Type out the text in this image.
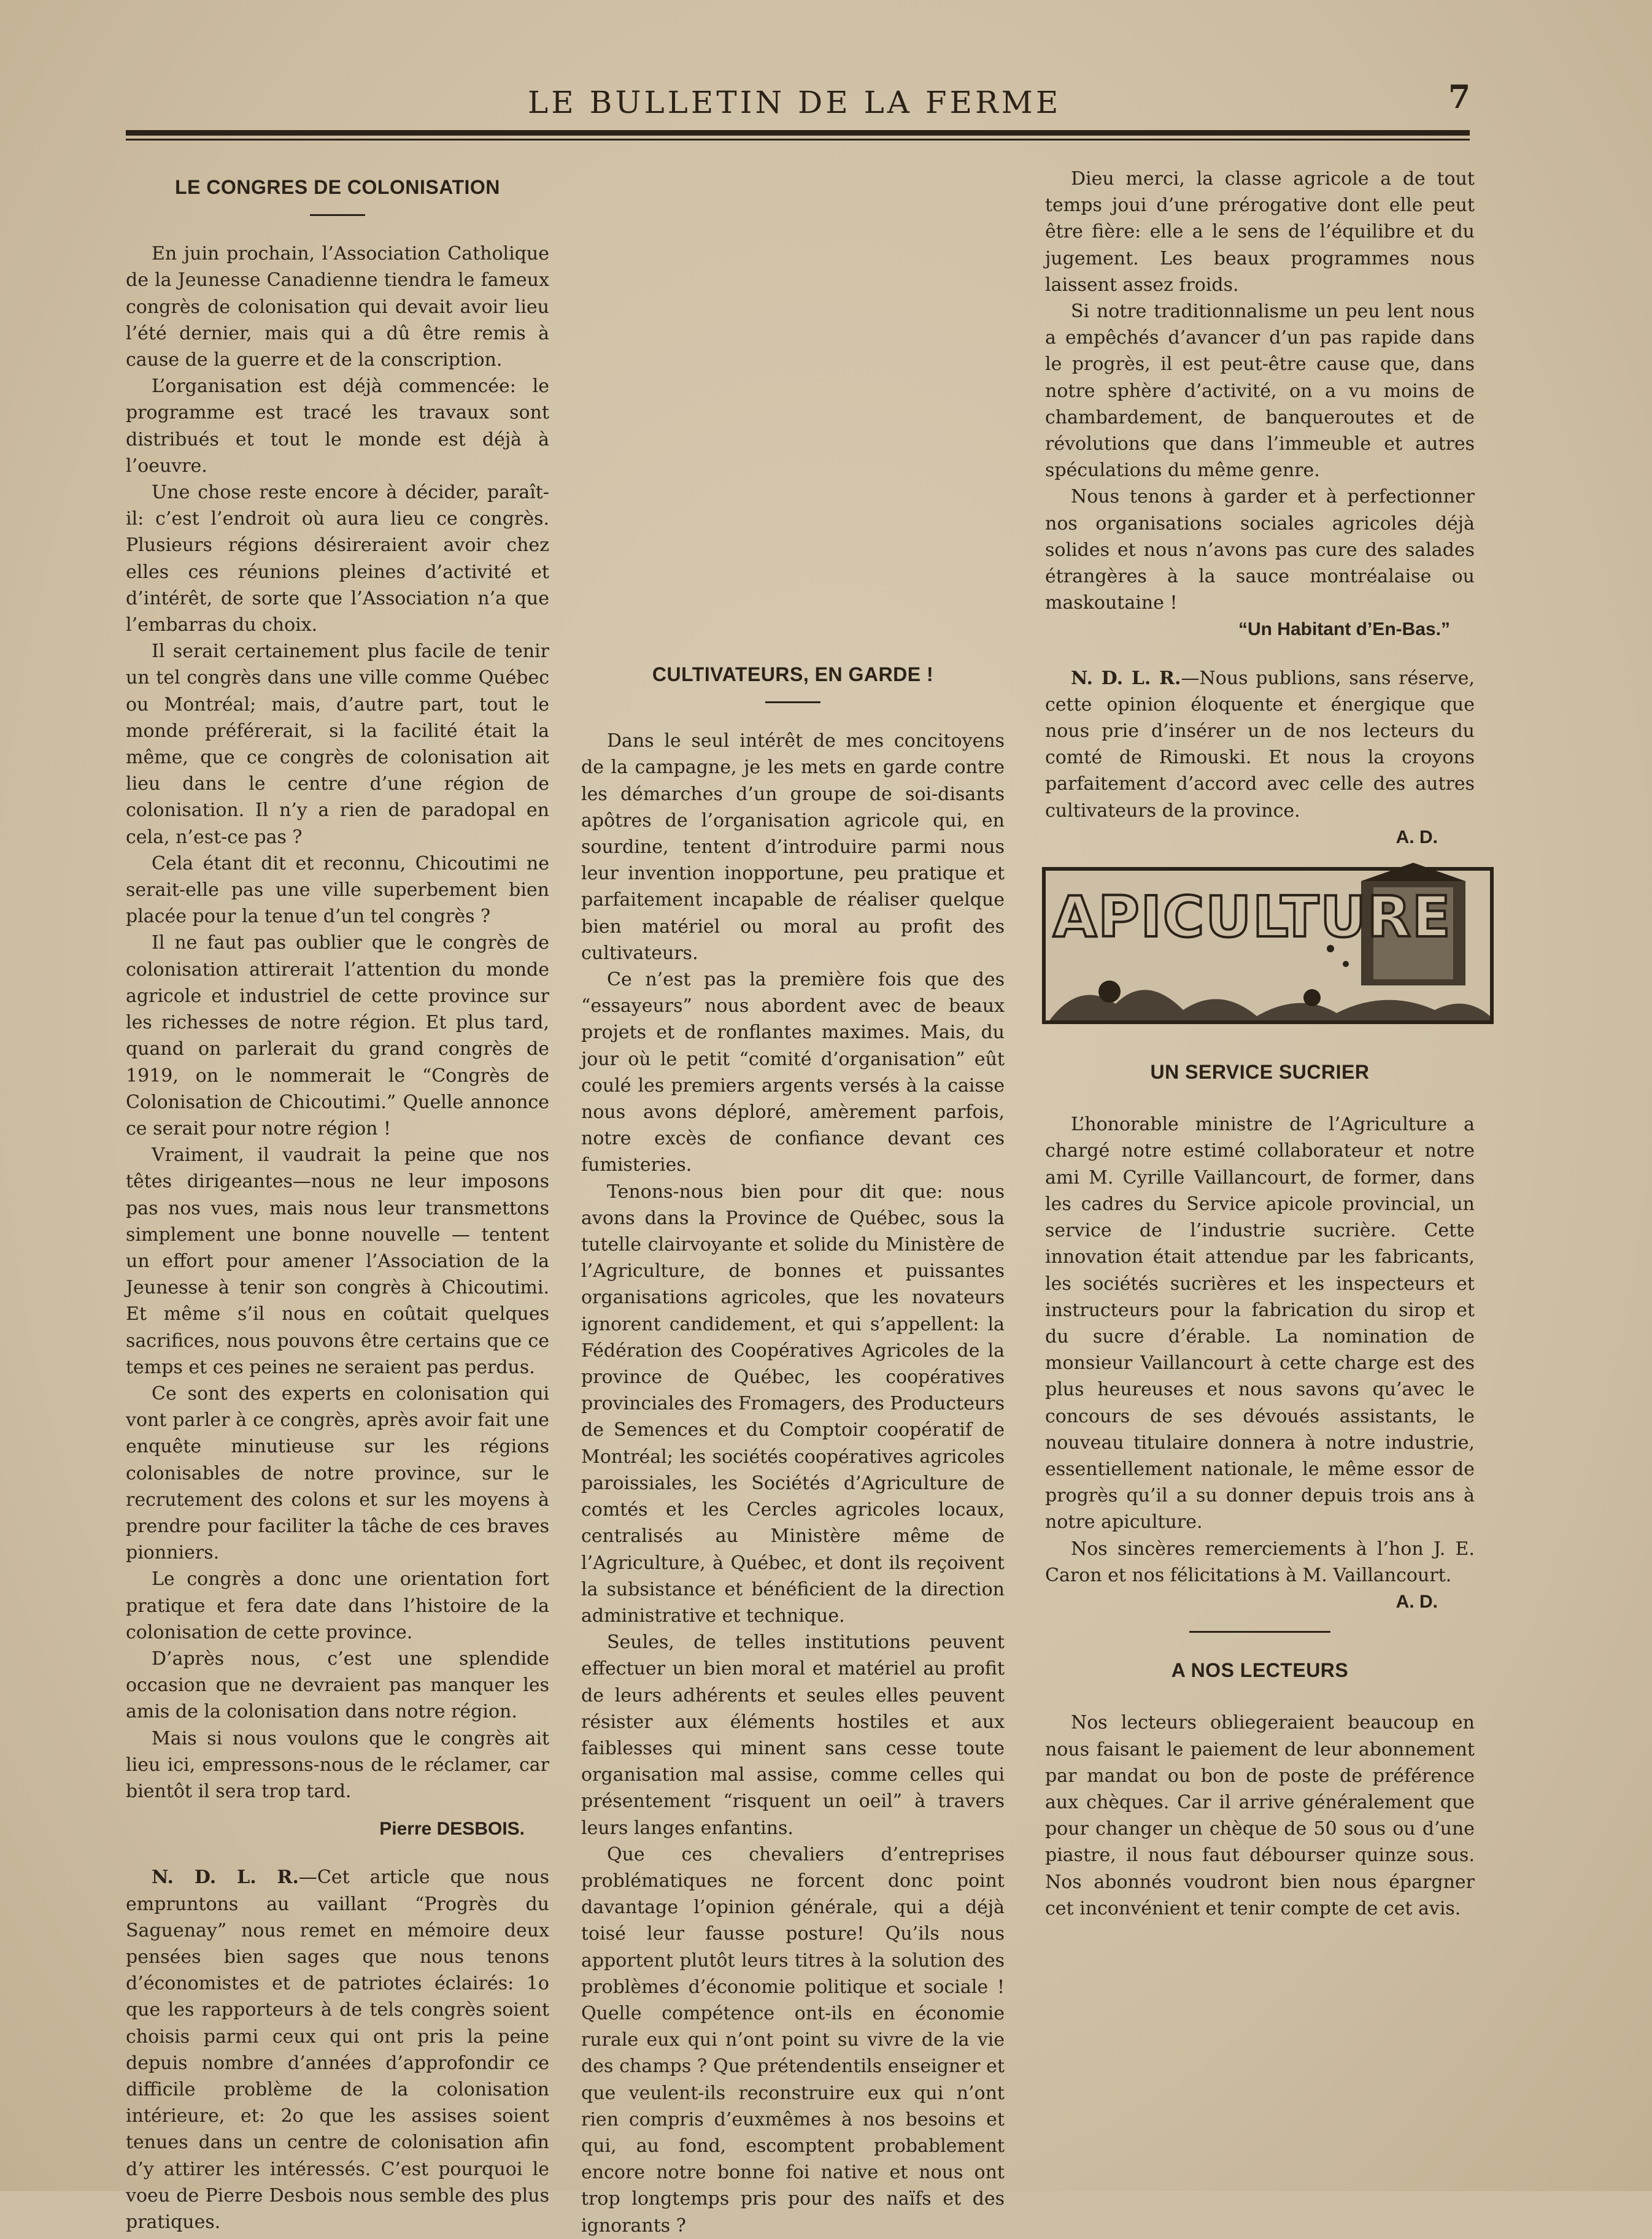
LE BULLETIN DE LA FERME	7
LE CONGRES DE COLONISATION

En juin prochain, l’Association Catholique de la Jeunesse Canadienne tiendra le fameux congrès de colonisation qui devait avoir lieu l’été dernier, mais qui a dû être remis à cause de la guerre et de la conscription.

L’organisation est déjà commencée: le programme est tracé les travaux sont distribués et tout le monde est déjà à l’oeuvre.

Une chose reste encore à décider, paraît-il: c’est l’endroit où aura lieu ce congrès. Plusieurs régions désireraient avoir chez elles ces réunions pleines d’activité et d’intérêt, de sorte que l’Association n’a que l’embarras du choix.

Il serait certainement plus facile de tenir un tel congrès dans une ville comme Québec ou Montréal; mais, d’autre part, tout le monde préférerait, si la facilité était la même, que ce congrès de colonisation ait lieu dans le centre d’une région de colonisation. Il n’y a rien de paradopal en cela, n’est-ce pas ?

Cela étant dit et reconnu, Chicoutimi ne serait-elle pas une ville superbement bien placée pour la tenue d’un tel congrès ?

Il ne faut pas oublier que le congrès de colonisation attirerait l’attention du monde agricole et industriel de cette province sur les richesses de notre région. Et plus tard, quand on parlerait du grand congrès de 1919, on le nommerait le “Congrès de Colonisation de Chicoutimi.” Quelle annonce ce serait pour notre région !

Vraiment, il vaudrait la peine que nos têtes dirigeantes—nous ne leur imposons pas nos vues, mais nous leur transmettons simplement une bonne nouvelle — tentent un effort pour amener l’Association de la Jeunesse à tenir son congrès à Chicoutimi. Et même s’il nous en coûtait quelques sacrifices, nous pouvons être certains que ce temps et ces peines ne seraient pas perdus.

Ce sont des experts en colonisation qui vont parler à ce congrès, après avoir fait une enquête minutieuse sur les régions colonisables de notre province, sur le recrutement des colons et sur les moyens à prendre pour faciliter la tâche de ces braves pionniers.

Le congrès a donc une orientation fort pratique et fera date dans l’histoire de la colonisation de cette province.

D’après nous, c’est une splendide occasion que ne devraient pas manquer les amis de la colonisation dans notre région.

Mais si nous voulons que le congrès ait lieu ici, empressons-nous de le réclamer, car bientôt il sera trop tard.

Pierre DESBOIS.

N. D. L. R.—Cet article que nous empruntons au vaillant “Progrès du Saguenay” nous remet en mémoire deux pensées bien sages que nous tenons d’économistes et de patriotes éclairés: 1o que les rapporteurs à de tels congrès soient choisis parmi ceux qui ont pris la peine depuis nombre d’années d’approfondir ce difficile problème de la colonisation intérieure, et: 2o que les assises soient tenues dans un centre de colonisation afin d’y attirer les intéressés. C’est pourquoi le voeu de Pierre Desbois nous semble des plus pratiques.

CULTIVATEURS, EN GARDE !

Dans le seul intérêt de mes concitoyens de la campagne, je les mets en garde contre les démarches d’un groupe de soi-disants apôtres de l’organisation agricole qui, en sourdine, tentent d’introduire parmi nous leur invention inopportune, peu pratique et parfaitement incapable de réaliser quelque bien matériel ou moral au profit des cultivateurs.

Ce n’est pas la première fois que des “essayeurs” nous abordent avec de beaux projets et de ronflantes maximes. Mais, du jour où le petit “comité d’organisation” eût coulé les premiers argents versés à la caisse nous avons déploré, amèrement parfois, notre excès de confiance devant ces fumisteries.

Tenons-nous bien pour dit que: nous avons dans la Province de Québec, sous la tutelle clairvoyante et solide du Ministère de l’Agriculture, de bonnes et puissantes organisations agricoles, que les novateurs ignorent candidement, et qui s’appellent: la Fédération des Coopératives Agricoles de la province de Québec, les coopératives provinciales des Fromagers, des Producteurs de Semences et du Comptoir coopératif de Montréal; les sociétés coopératives agricoles paroissiales, les Sociétés d’Agriculture de comtés et les Cercles agricoles locaux, centralisés au Ministère même de l’Agriculture, à Québec, et dont ils reçoivent la subsistance et bénéficient de la direction administrative et technique.

Seules, de telles institutions peuvent effectuer un bien moral et matériel au profit de leurs adhérents et seules elles peuvent résister aux éléments hostiles et aux faiblesses qui minent sans cesse toute organisation mal assise, comme celles qui présentement “risquent un oeil” à travers leurs langes enfantins.

Que ces chevaliers d’entreprises problématiques ne forcent donc point davantage l’opinion générale, qui a déjà toisé leur fausse posture! Qu’ils nous apportent plutôt leurs titres à la solution des problèmes d’économie politique et sociale ! Quelle compétence ont-ils en économie rurale eux qui n’ont point su vivre de la vie des champs ? Que prétendentils enseigner et que veulent-ils reconstruire eux qui n’ont rien compris d’euxmêmes à nos besoins et qui, au fond, escomptent probablement encore notre bonne foi native et nous ont trop longtemps pris pour des naïfs et des ignorants ?

Dieu merci, la classe agricole a de tout temps joui d’une prérogative dont elle peut être fière: elle a le sens de l’équilibre et du jugement. Les beaux programmes nous laissent assez froids.

Si notre traditionnalisme un peu lent nous a empêchés d’avancer d’un pas rapide dans le progrès, il est peut-être cause que, dans notre sphère d’activité, on a vu moins de chambardement, de banqueroutes et de révolutions que dans l’immeuble et autres spéculations du même genre.

Nous tenons à garder et à perfectionner nos organisations sociales agricoles déjà solides et nous n’avons pas cure des salades étrangères à la sauce montréalaise ou maskoutaine !

“Un Habitant d’En-Bas.”

N. D. L. R.—Nous publions, sans réserve, cette opinion éloquente et énergique que nous prie d’insérer un de nos lecteurs du comté de Rimouski. Et nous la croyons parfaitement d’accord avec celle des autres cultivateurs de la province.

A. D.
APICULTURE
UN SERVICE SUCRIER

L’honorable ministre de l’Agriculture a chargé notre estimé collaborateur et notre ami M. Cyrille Vaillancourt, de former, dans les cadres du Service apicole provincial, un service de l’industrie sucrière. Cette innovation était attendue par les fabricants, les sociétés sucrières et les inspecteurs et instructeurs pour la fabrication du sirop et du sucre d’érable. La nomination de monsieur Vaillancourt à cette charge est des plus heureuses et nous savons qu’avec le concours de ses dévoués assistants, le nouveau titulaire donnera à notre industrie, essentiellement nationale, le même essor de progrès qu’il a su donner depuis trois ans à notre apiculture.

Nos sincères remerciements à l’hon J. E. Caron et nos félicitations à M. Vaillancourt.

A. D.
A NOS LECTEURS

Nos lecteurs obliegeraient beaucoup en nous faisant le paiement de leur abonnement par mandat ou bon de poste de préférence aux chèques. Car il arrive généralement que pour changer un chèque de 50 sous ou d’une piastre, il nous faut débourser quinze sous. Nos abonnés voudront bien nous épargner cet inconvénient et tenir compte de cet avis.
